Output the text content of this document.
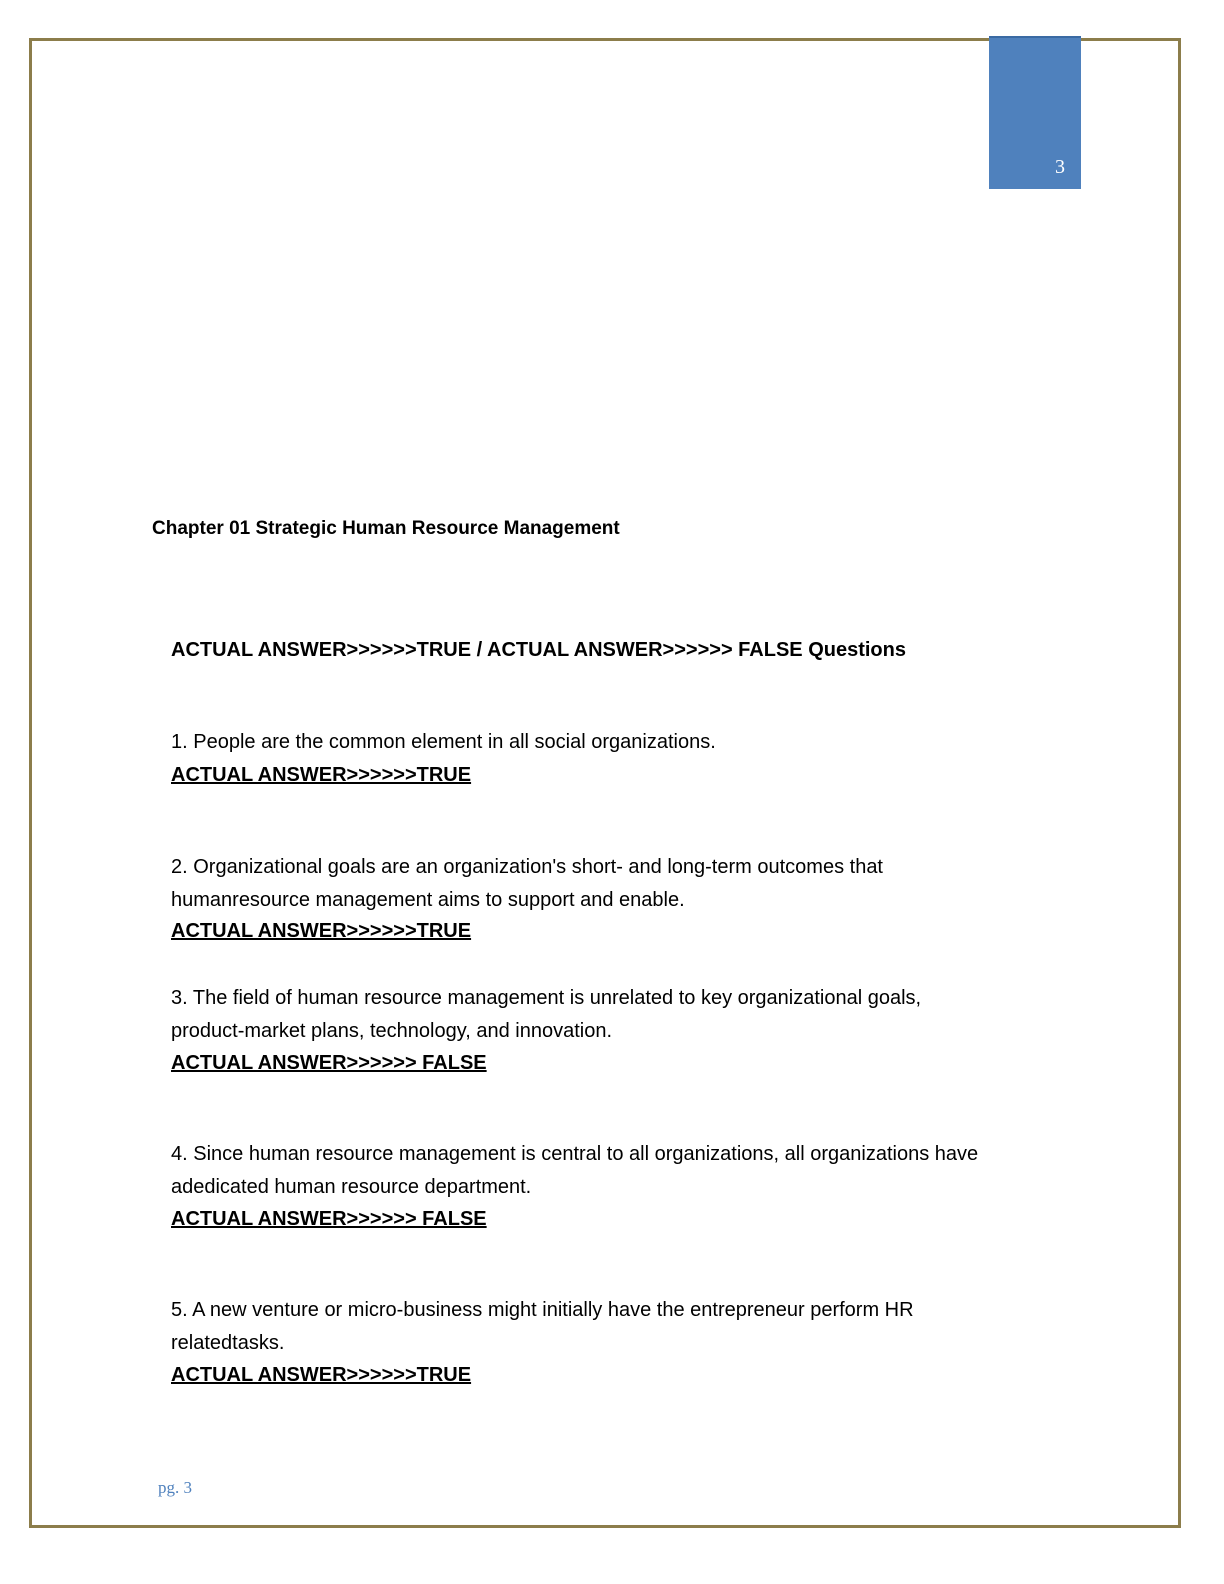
3
Chapter 01 Strategic Human Resource Management
ACTUAL ANSWER>>>>>>TRUE / ACTUAL ANSWER>>>>>> FALSE Questions

1. People are the common element in all social organizations.

ACTUAL ANSWER>>>>>>TRUE

2. Organizational goals are an organization's short- and long-term outcomes that
humanresource management aims to support and enable.

ACTUAL ANSWER>>>>>>TRUE

3. The field of human resource management is unrelated to key organizational goals,
product-market plans, technology, and innovation.

ACTUAL ANSWER>>>>>> FALSE

4. Since human resource management is central to all organizations, all organizations have
adedicated human resource department.

ACTUAL ANSWER>>>>>> FALSE

5. A new venture or micro-business might initially have the entrepreneur perform HR
relatedtasks.

ACTUAL ANSWER>>>>>>TRUE
pg. 3
